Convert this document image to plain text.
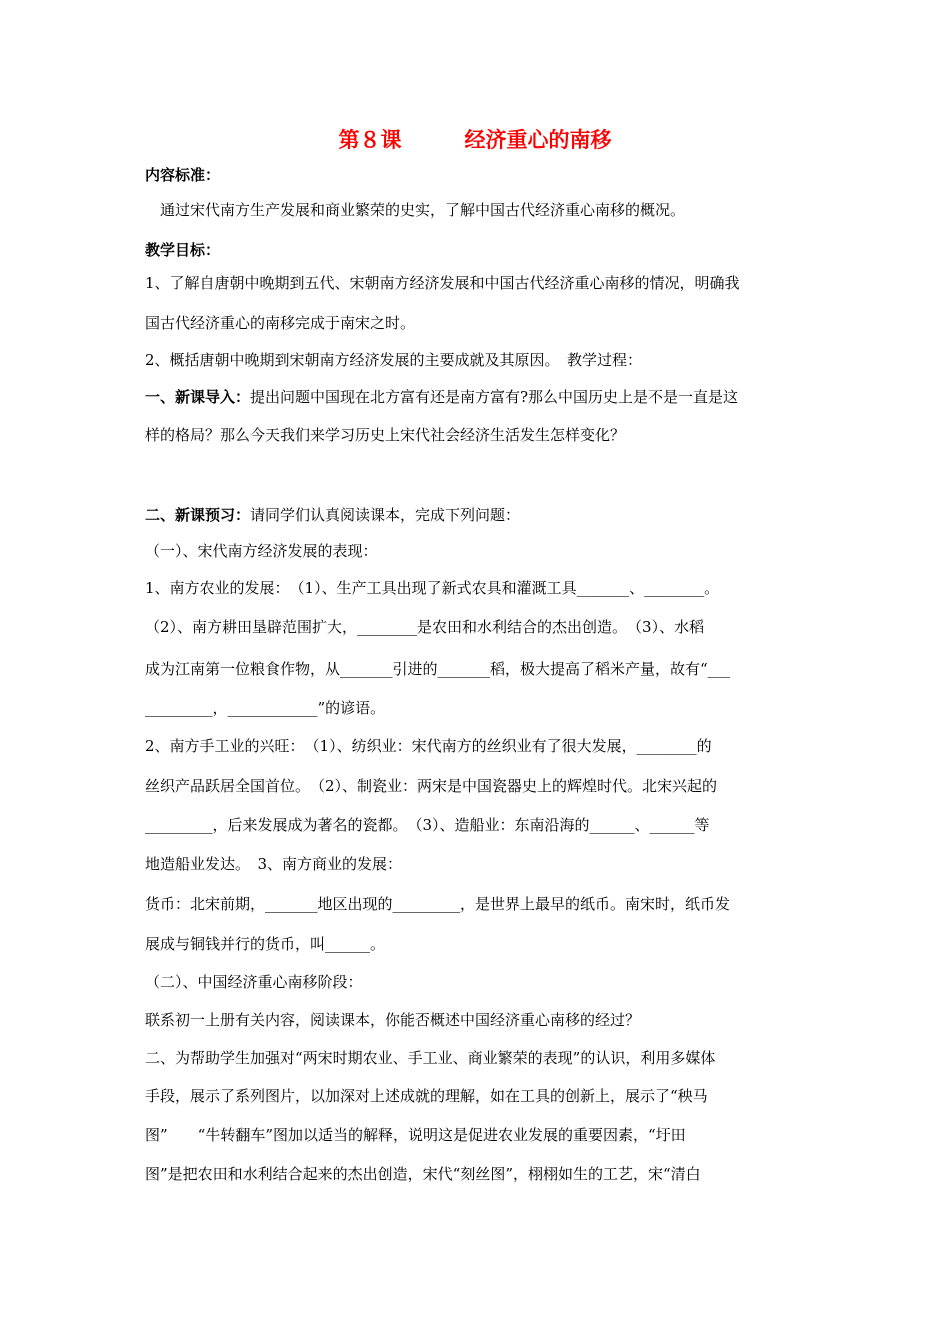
第８课　　　经济重心的南移
内容标准：
　通过宋代南方生产发展和商业繁荣的史实，了解中国古代经济重心南移的概况。
教学目标：
1、了解自唐朝中晚期到五代、宋朝南方经济发展和中国古代经济重心南移的情况，明确我
国古代经济重心的南移完成于南宋之时。
2、概括唐朝中晚期到宋朝南方经济发展的主要成就及其原因。　教学过程：
一、新课导入：提出问题中国现在北方富有还是南方富有?那么中国历史上是不是一直是这
样的格局？那么今天我们来学习历史上宋代社会经济生活发生怎样变化？
二、新课预习：请同学们认真阅读课本，完成下列问题：
（一）、宋代南方经济发展的表现：
1、南方农业的发展：　（1）、生产工具出现了新式农具和灌溉工具_______、________。
（2）、南方耕田垦辟范围扩大，________是农田和水利结合的杰出创造。　（3）、水稻
成为江南第一位粮食作物，从_______引进的_______稻，极大提高了稻米产量，故有“___
_________，____________”的谚语。
2、南方手工业的兴旺：　（1）、纺织业：宋代南方的丝织业有了很大发展，________的
丝织产品跃居全国首位。　（2）、制瓷业：两宋是中国瓷器史上的辉煌时代。北宋兴起的
_________，后来发展成为著名的瓷都。　（3）、造船业：东南沿海的______、______等
地造船业发达。　3、南方商业的发展：
货币：北宋前期，_______地区出现的_________，是世界上最早的纸币。南宋时，纸币发
展成与铜钱并行的货币，叫______。
（二）、中国经济重心南移阶段：
联系初一上册有关内容，阅读课本，你能否概述中国经济重心南移的经过？
二、为帮助学生加强对“两宋时期农业、手工业、商业繁荣的表现”的认识，利用多媒体
手段，展示了系列图片，以加深对上述成就的理解，如在工具的创新上，展示了“秧马
图”　　“牛转翻车”图加以适当的解释，说明这是促进农业发展的重要因素，“圩田
图”是把农田和水利结合起来的杰出创造，宋代“刻丝图”，栩栩如生的工艺，宋“清白
